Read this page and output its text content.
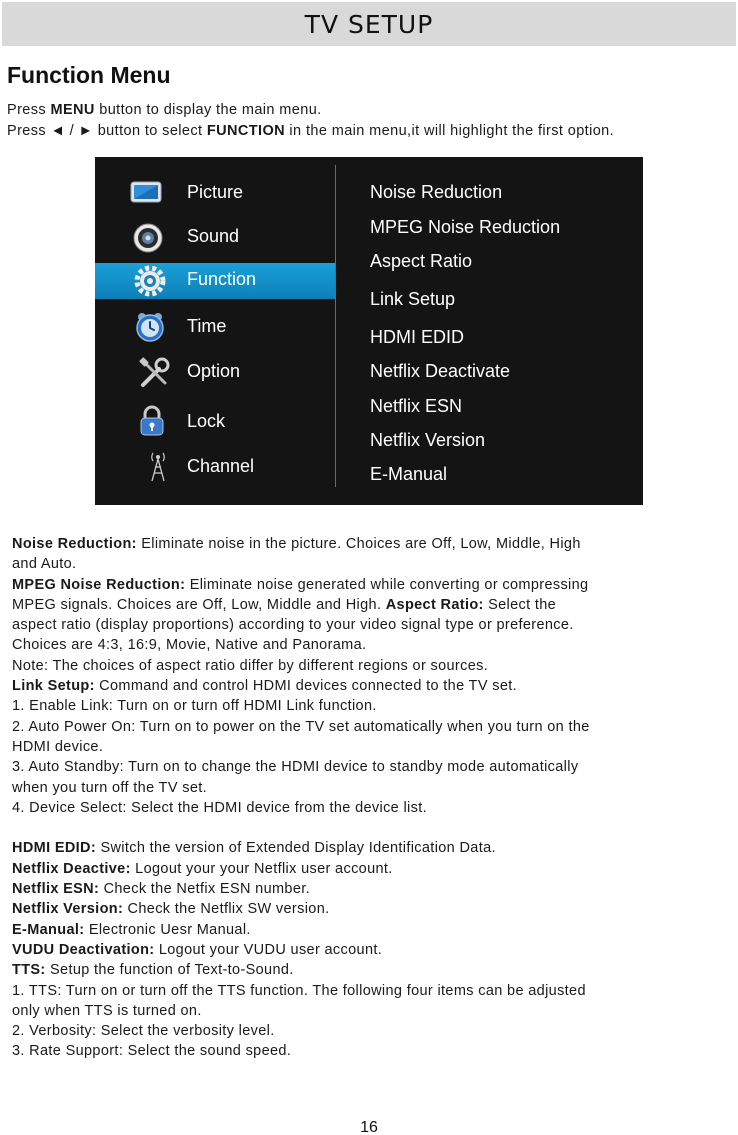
TV SETUP
Function Menu
Press MENU button to display the main menu.
Press ◄ / ► button to select FUNCTION in the main menu,it will highlight the first option.
Picture
Sound
Function
Time
Option
Lock
Channel
Noise Reduction
MPEG Noise Reduction
Aspect Ratio
Link Setup
HDMI EDID
Netflix Deactivate
Netflix ESN
Netflix Version
E-Manual
Noise Reduction: Eliminate noise in the picture. Choices are Off, Low, Middle, High
and Auto.
MPEG Noise Reduction: Eliminate noise generated while converting or compressing
MPEG signals. Choices are Off, Low, Middle and High. Aspect Ratio: Select the
aspect ratio (display proportions) according to your video signal type or preference.
Choices are 4:3, 16:9, Movie, Native and Panorama.
Note: The choices of aspect ratio differ by different regions or sources.
Link Setup: Command and control HDMI devices connected to the TV set.
1. Enable Link: Turn on or turn off HDMI Link function.
2. Auto Power On: Turn on to power on the TV set automatically when you turn on the
HDMI device.
3. Auto Standby: Turn on to change the HDMI device to standby mode automatically
when you turn off the TV set.
4. Device Select: Select the HDMI device from the device list.
HDMI EDID: Switch the version of Extended Display Identification Data.
Netflix Deactive: Logout your your Netflix user account.
Netflix ESN: Check the Netfix ESN number.
Netflix Version: Check the Netflix SW version.
E-Manual: Electronic Uesr Manual.
VUDU Deactivation: Logout your VUDU user account.
TTS: Setup the function of Text-to-Sound.
1. TTS: Turn on or turn off the TTS function. The following four items can be adjusted
only when TTS is turned on.
2. Verbosity: Select the verbosity level.
3. Rate Support: Select the sound speed.
16
